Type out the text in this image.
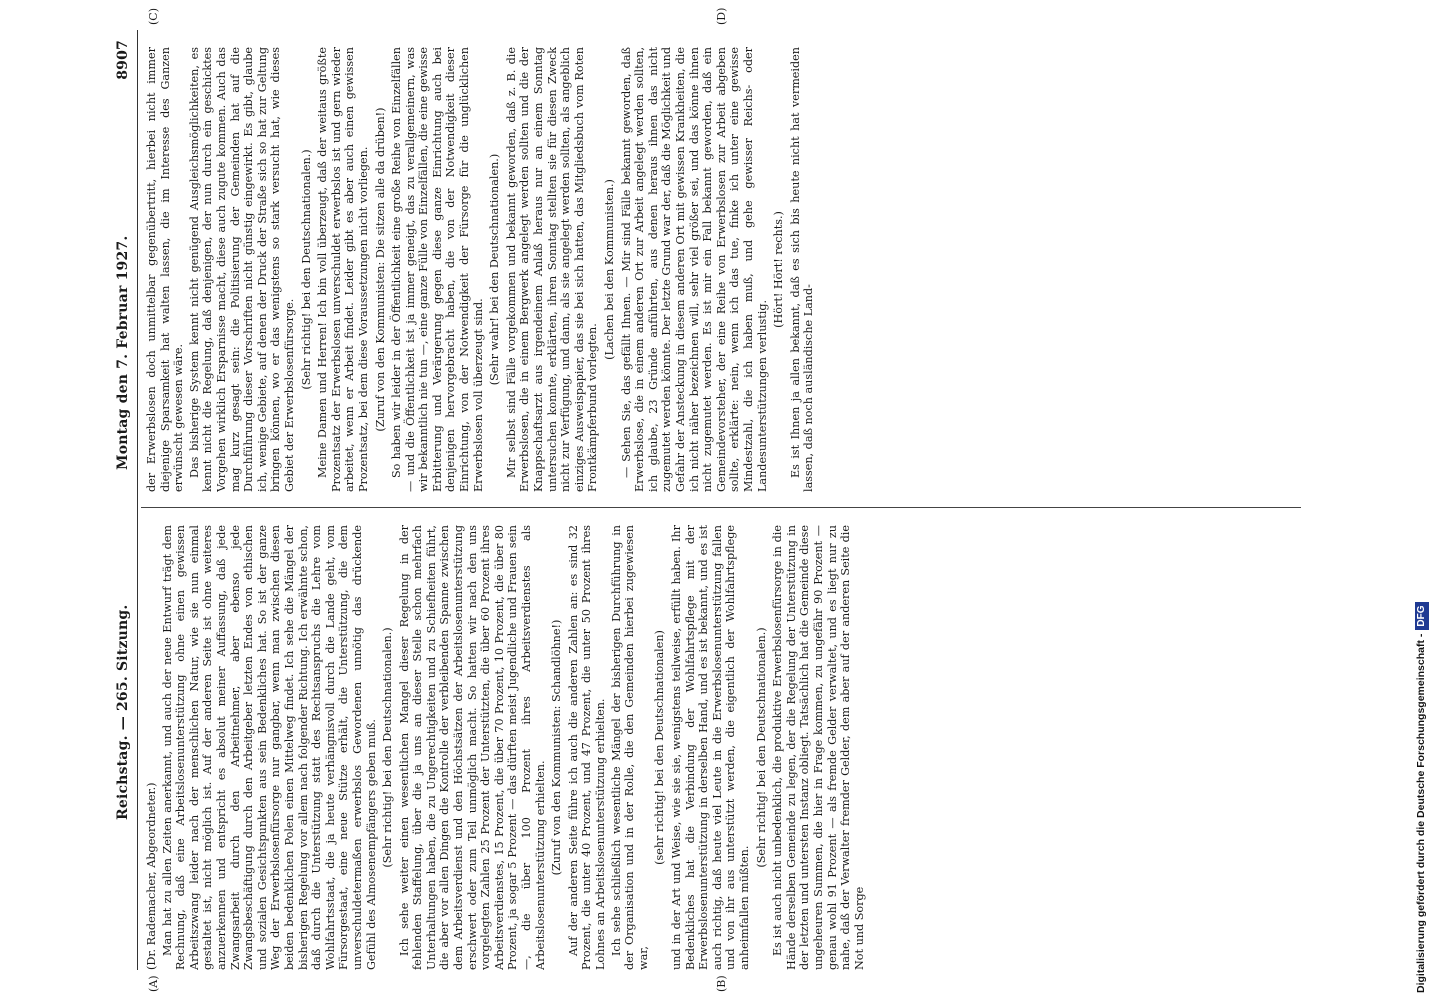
Reichstag. — 265. Sitzung.
Montag den 7. Februar 1927.
8907
(A)	(B)
(C)	(D)

(Dr. Rademacher, Abgeordneter.) Man hat zu allen Zeiten anerkannt, und auch der neue Entwurf trägt dem Rechnung, daß eine Arbeitslosenunterstützung ohne einen gewissen Arbeitszwang leider nach der menschlichen Natur, wie sie nun einmal gestaltet ist, nicht möglich ist. Auf der anderen Seite ist ohne weiteres anzuerkennen und entspricht es absolut meiner Auffassung, daß jede Zwangsarbeit durch den Arbeitnehmer, aber ebenso jede Zwangsbeschäftigung durch den Arbeitgeber letzten Endes von ethischen und sozialen Gesichtspunkten aus sein Bedenkliches hat. So ist der ganze Weg der Erwerbslosenfürsorge nur gangbar, wenn man zwischen diesen beiden bedenklichen Polen einen Mittelweg findet. Ich sehe die Mängel der bisherigen Regelung vor allem nach folgender Richtung. Ich erwähnte schon, daß durch die Unterstützung statt des Rechtsanspruchs die Lehre vom Wohlfahrtsstaat, die ja heute verhängnisvoll durch die Lande geht, vom Fürsorgestaat, eine neue Stütze erhält, die Unterstützung, die dem unverschuldetermaßen erwerbslos Gewordenen unnötig das drückende Gefühl des Almosenempfängers geben muß. (Sehr richtig! bei den Deutschnationalen.) Ich sehe weiter einen wesentlichen Mangel dieser Regelung in der fehlenden Staffelung, über die ja uns an dieser Stelle schon mehrfach Unterhaltungen haben, die zu Ungerechtigkeiten und zu Schiefheiten führt, die aber vor allen Dingen die Kontrolle der verbleibenden Spanne zwischen dem Arbeitsverdienst und den Höchstsätzen der Arbeitslosenunterstützung erschwert oder zum Teil unmöglich macht. So hatten wir nach den uns vorgelegten Zahlen 25 Prozent der Unterstützten, die über 60 Prozent ihres Arbeitsverdienstes, 15 Prozent, die über 70 Prozent, 10 Prozent, die über 80 Prozent, ja sogar 5 Prozent — das dürften meist Jugendliche und Frauen sein —, die über 100 Prozent ihres Arbeitsverdienstes als Arbeitslosenunterstützung erhielten. (Zuruf von den Kommunisten: Schandlöhne!) Auf der anderen Seite führe ich auch die anderen Zahlen an: es sind 32 Prozent, die unter 40 Prozent, und 47 Prozent, die unter 50 Prozent ihres Lohnes an Arbeitslosenunterstützung erhielten. Ich sehe schließlich wesentliche Mängel der bisherigen Durchführung in der Organisation und in der Rolle, die den Gemeinden hierbei zugewiesen war,

(sehr richtig! bei den Deutschnationalen) und in der Art und Weise, wie sie sie, wenigstens teilweise, erfüllt haben. Ihr Bedenkliches hat die Verbindung der Wohlfahrtspflege mit der Erwerbslosenunterstützung in derselben Hand, und es ist bekannt, und es ist auch richtig, daß heute viel Leute in die Erwerbslosenunterstützung fallen und von ihr aus unterstützt werden, die eigentlich der Wohlfahrtspflege anheimfallen müßten.

(Sehr richtig! bei den Deutschnationalen.) Es ist auch nicht unbedenklich, die produktive Erwerbslosenfürsorge in die Hände derselben Gemeinde zu legen, der die Regelung der Unterstützung in der letzten und untersten Instanz obliegt. Tatsächlich hat die Gemeinde diese ungeheuren Summen, die hier in Frage kommen, zu ungefähr 90 Prozent — genau wohl 91 Prozent — als fremde Gelder verwaltet, und es liegt nur zu nahe, daß der Verwalter fremder Gelder, dem aber auf der anderen Seite die Not und Sorge

der Erwerbslosen doch unmittelbar gegenübertritt, hierbei nicht immer diejenige Sparsamkeit hat walten lassen, die im Interesse des Ganzen erwünscht gewesen wäre. Das bisherige System kennt nicht genügend Ausgleichsmöglichkeiten, es kennt nicht die Regelung, daß denjenigen, der nun durch ein geschicktes Vorgehen wirklich Ersparnisse macht, diese auch zugute kommen. Auch das mag kurz gesagt sein: die Politisierung der Gemeinden hat auf die Durchführung dieser Vorschriften nicht günstig eingewirkt. Es gibt, glaube ich, wenige Gebiete, auf denen der Druck der Straße sich so hat zur Geltung bringen können, wo er das wenigstens so stark versucht hat, wie dieses Gebiet der Erwerbslosenfürsorge.

(Sehr richtig! bei den Deutschnationalen.) Meine Damen und Herren! Ich bin voll überzeugt, daß der weitaus größte Prozentsatz der Erwerbslosen unverschuldet erwerbslos ist und gern wieder arbeitet, wenn er Arbeit findet. Leider gibt es aber auch einen gewissen Prozentsatz, bei dem diese Voraussetzungen nicht vorliegen. (Zuruf von den Kommunisten: Die sitzen alle da drüben!) So haben wir leider in der Öffentlichkeit eine große Reihe von Einzelfällen — und die Öffentlichkeit ist ja immer geneigt, das zu verallgemeinern, was wir bekanntlich nie tun —, eine ganze Fülle von Einzelfällen, die eine gewisse Erbitterung und Verärgerung gegen diese ganze Einrichtung auch bei denjenigen hervorgebracht haben, die von der Notwendigkeit dieser Einrichtung, von der Notwendigkeit der Fürsorge für die unglücklichen Erwerbslosen voll überzeugt sind.

(Sehr wahr! bei den Deutschnationalen.) Mir selbst sind Fälle vorgekommen und bekannt geworden, daß z. B. die Erwerbslosen, die in einem Bergwerk angelegt werden sollten und die der Knappschaftsarzt aus irgendeinem Anlaß heraus nur an einem Sonntag untersuchen konnte, erklärten, ihren Sonntag stellten sie für diesen Zweck nicht zur Verfügung, und dann, als sie angelegt werden sollten, als angeblich einziges Ausweispapier, das sie bei sich hatten, das Mitgliedsbuch vom Roten Frontkämpferbund vorlegten.

(Lachen bei den Kommunisten.) — Sehen Sie, das gefällt Ihnen. — Mir sind Fälle bekannt geworden, daß Erwerbslose, die in einem anderen Ort zur Arbeit angelegt werden sollten, ich glaube, 23 Gründe anführten, aus denen heraus ihnen das nicht zugemutet werden könnte. Der letzte Grund war der, daß die Möglichkeit und Gefahr der Ansteckung in diesem anderen Ort mit gewissen Krankheiten, die ich nicht näher bezeichnen will, sehr viel größer sei, und das könne ihnen nicht zugemutet werden. Es ist mir ein Fall bekannt geworden, daß ein Gemeindevorsteher, der eine Reihe von Erwerbslosen zur Arbeit abgeben sollte, erklärte: nein, wenn ich das tue, finke ich unter eine gewisse Mindestzahl, die ich haben muß, und gehe gewisser Reichs- oder Landesunterstützungen verlustig.

(Hört! Hört! rechts.) Es ist Ihnen ja allen bekannt, daß es sich bis heute nicht hat vermeiden lassen, daß noch ausländische Land-

Digitalisierung gefördert durch die Deutsche Forschungsgemeinschaft -DFG
